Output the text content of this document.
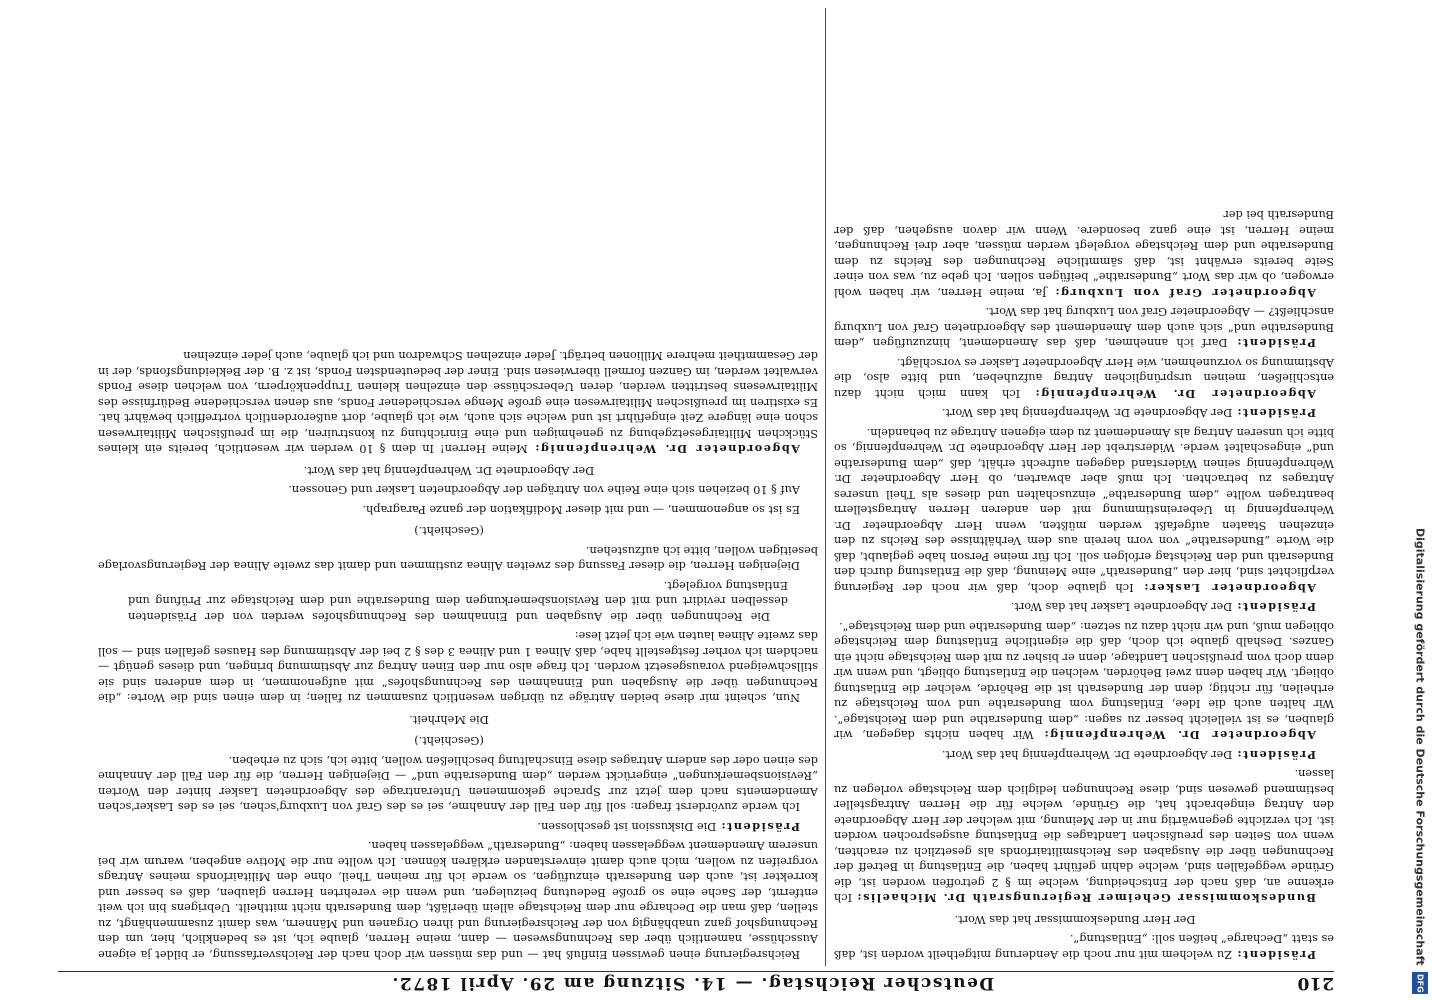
210
Deutscher Reichstag. — 14. Sitzung am 29. April 1872.

Präsident: Zu welchem mit nur noch die Aenderung mitgetheilt worden ist, daß es statt „Decharge“ heißen soll: „Entlastung“.

Der Herr Bundeskommissar hat das Wort.

Bundeskommissar Geheimer Regierungsrath Dr. Michaelis: Ich erkenne an, daß nach der Entscheidung, welche im § 2 getroffen worden ist, die Gründe weggefallen sind, welche dahin geführt haben, die Entlastung in Betreff der Rechnungen über die Ausgaben des Reichsmilitairfonds als gesetzlich zu erachten, wenn von Seiten des preußischen Landtages die Entlastung ausgesprochen worden ist. Ich verzichte gegenwärtig nur in der Meinung, mit welcher der Herr Abgeordnete den Antrag eingebracht hat, die Gründe, welche für die Herren Antragsteller bestimmend gewesen sind, diese Rechnungen lediglich dem Reichstage vorlegen zu lassen.

Präsident: Der Abgeordnete Dr. Wehrenpfennig hat das Wort.

Abgeordneter Dr. Wehrenpfennig: Wir haben nichts dagegen, wir glauben, es ist vielleicht besser zu sagen: „dem Bundesrathe und dem Reichstage“. Wir halten auch die Idee, Entlastung vom Bundesrathe und vom Reichstage zu ertheilen, für richtig; denn der Bundesrath ist die Behörde, welcher die Entlastung obliegt. Wir haben denn zwei Behörden, welchen die Entlastung obliegt, und wenn wir denn doch vom preußischen Landtage, denn er bisher zu mit dem Reichstage nicht ein Ganzes. Deshalb glaube ich doch, daß die eigentliche Entlastung dem Reichstage obliegen muß, und wir nicht dazu zu setzen: „dem Bundesrathe und dem Reichstage“.

Präsident: Der Abgeordnete Lasker hat das Wort.

Abgeordneter Lasker: Ich glaube doch, daß wir noch der Regierung verpflichtet sind, hier den „Bundesrath“ eine Meinung, daß die Entlastung durch den Bundesrath und den Reichstag erfolgen soll. Ich für meine Person habe geglaubt, daß die Worte „Bundesrathe“ von vorn herein aus dem Verhältnisse des Reichs zu den einzelnen Staaten aufgefaßt werden müßten, wenn Herr Abgeordneter Dr. Wehrenpfennig in Uebereinstimmung mit den anderen Herren Antragstellern beantragen wollte „dem Bundesrathe“ einzuschalten und dieses als Theil unseres Antrages zu betrachten. Ich muß aber abwarten, ob Herr Abgeordneter Dr. Wehrenpfennig seinen Widerstand dagegen aufrecht erhält, daß „dem Bundesrathe und“ eingeschaltet werde. Widerstrebt der Herr Abgeordnete Dr. Wehrenpfennig, so bitte ich unseren Antrag als Amendement zu dem eigenen Antrage zu behandeln.

Präsident: Der Abgeordnete Dr. Wehrenpfennig hat das Wort.

Abgeordneter Dr. Wehrenpfennig: Ich kann mich nicht dazu entschließen, meinen ursprünglichen Antrag aufzuheben, und bitte also, die Abstimmung so vorzunehmen, wie Herr Abgeordneter Lasker es vorschlägt.

Präsident: Darf ich annehmen, daß das Amendement, hinzuzufügen „dem Bundesrathe und“ sich auch dem Amendement des Abgeordneten Graf von Luxburg anschließt? — Abgeordneter Graf von Luxburg hat das Wort.

Abgeordneter Graf von Luxburg: Ja, meine Herren, wir haben wohl erwogen, ob wir das Wort „Bundesrathe“ beifügen sollen. Ich gebe zu, was von einer Seite bereits erwähnt ist, daß sämmtliche Rechnungen des Reichs zu dem Bundesrathe und dem Reichstage vorgelegt werden müssen, aber drei Rechnungen, meine Herren, ist eine ganz besondere. Wenn wir davon ausgehen, daß der Bundesrath bei der

Reichsregierung einen gewissen Einfluß hat — und das müssen wir doch nach der Reichsverfassung, er bildet ja eigene Ausschüsse, namentlich über das Rechnungswesen — dann, meine Herren, glaube ich, ist es bedenklich, hier, um den Rechnungshof ganz unabhängig von der Reichsregierung und ihren Organen und Männern, was damit zusammenhängt, zu stellen, daß man die Decharge nur dem Reichstage allein überläßt, dem Bundesrath nicht mittheilt. Uebrigens bin ich weit entfernt, der Sache eine so große Bedeutung beizulegen, und wenn die verehrten Herren glauben, daß es besser und korrekter ist, auch den Bundesrath einzufügen, so werde ich für meinen Theil, ohne den Militairfonds meines Antrags vorgreifen zu wollen, mich auch damit einverstanden erklären können. Ich wollte nur die Motive angeben, warum wir bei unserem Amendement weggelassen haben: „Bundesrath“ weggelassen haben.

Präsident: Die Diskussion ist geschlossen.

Ich werde zuvörderst fragen: soll für den Fall der Annahme, sei es des Graf von Luxburg'schen, sei es des Lasker'schen Amendements nach dem jetzt zur Sprache gekommenen Unterantrage des Abgeordneten Lasker hinter den Worten „Revisionsbemerkungen“ eingerückt werden „dem Bundesrathe und“ — Diejenigen Herren, die für den Fall der Annahme des einen oder des andern Antrages diese Einschaltung beschließen wollen, bitte ich, sich zu erheben.

(Geschieht.)

Die Mehrheit.

Nun, scheint mir diese beiden Anträge zu übrigen wesentlich zusammen zu fallen; in dem einen sind die Worte: „die Rechnungen über die Ausgaben und Einnahmen des Rechnungshofes“ mit aufgenommen, in dem anderen sind sie stillschweigend vorausgesetzt worden. Ich frage also nur den Einen Antrag zur Abstimmung bringen, und dieses genügt — nachdem ich vorher festgestellt habe, daß Alinea 1 und Alinea 3 des § 2 bei der Abstimmung des Hauses gefallen sind — soll das zweite Alinea lauten wie ich jetzt lese:

Die Rechnungen über die Ausgaben und Einnahmen des Rechnungshofes werden von der Präsidenten desselben revidirt und mit den Revisionsbemerkungen dem Bundesrathe und dem Reichstage zur Prüfung und Entlastung vorgelegt.

Diejenigen Herren, die dieser Fassung des zweiten Alinea zustimmen und damit das zweite Alinea der Regierungsvorlage beseitigen wollen, bitte ich aufzustehen.

(Geschieht.)

Es ist so angenommen, — und mit dieser Modifikation der ganze Paragraph.

Auf § 10 beziehen sich eine Reihe von Anträgen der Abgeordneten Lasker und Genossen.

Der Abgeordnete Dr. Wehrenpfennig hat das Wort.

Abgeordneter Dr. Wehrenpfennig: Meine Herren! In dem § 10 werden wir wesentlich, bereits ein kleines Stückchen Militairgesetzgebung zu genehmigen und eine Einrichtung zu konstruiren, die im preußischen Militairwesen schon eine längere Zeit eingeführt ist und welche sich auch, wie ich glaube, dort außerordentlich vortrefflich bewährt hat. Es existiren im preußischen Militairwesen eine große Menge verschiedener Fonds, aus denen verschiedene Bedürfnisse des Militairwesens bestritten werden, deren Ueberschüsse den einzelnen kleinen Truppenkörpern, von welchen diese Fonds verwaltet werden, im Ganzen formell überwiesen sind. Einer der bedeutendsten Fonds, ist z. B. der Bekleidungsfonds, der in der Gesammtheit mehrere Millionen beträgt. Jeder einzelnen Schwadron und ich glaube, auch jeder einzelnen

Digitalisierung gefördert durch die Deutsche Forschungsgemeinschaft
DFG
